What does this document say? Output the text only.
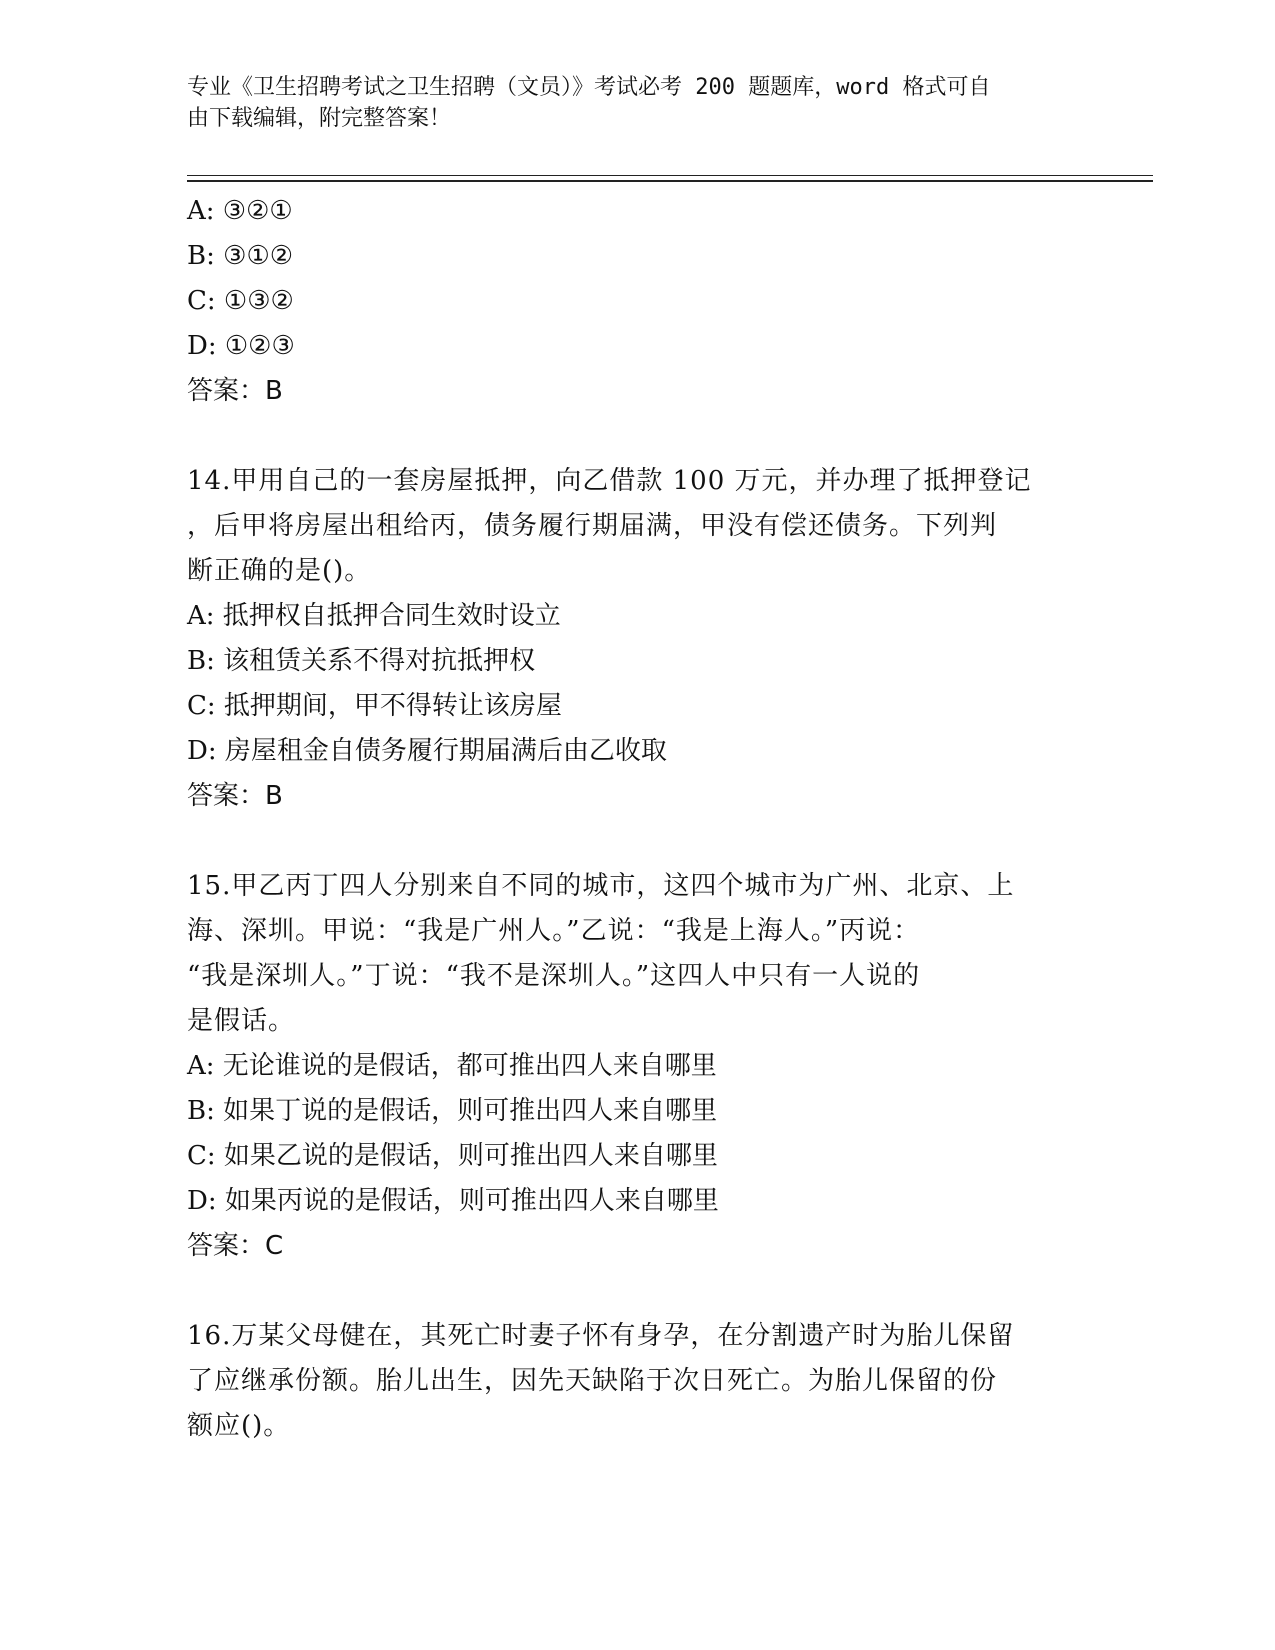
专业《卫生招聘考试之卫生招聘（文员）》考试必考 200 题题库，word 格式可自
由下载编辑，附完整答案！
A: ③②①
B: ③①②
C: ①③②
D: ①②③
答案：B
14.甲用自己的一套房屋抵押，向乙借款 100 万元，并办理了抵押登记
，后甲将房屋出租给丙，债务履行期届满，甲没有偿还债务。下列判
断正确的是()。
A: 抵押权自抵押合同生效时设立
B: 该租赁关系不得对抗抵押权
C: 抵押期间，甲不得转让该房屋
D: 房屋租金自债务履行期届满后由乙收取
答案：B
15.甲乙丙丁四人分别来自不同的城市，这四个城市为广州、北京、上
海、深圳。甲说：“我是广州人。”乙说：“我是上海人。”丙说：
“我是深圳人。”丁说：“我不是深圳人。”这四人中只有一人说的
是假话。
A: 无论谁说的是假话，都可推出四人来自哪里
B: 如果丁说的是假话，则可推出四人来自哪里
C: 如果乙说的是假话，则可推出四人来自哪里
D: 如果丙说的是假话，则可推出四人来自哪里
答案：C
16.万某父母健在，其死亡时妻子怀有身孕，在分割遗产时为胎儿保留
了应继承份额。胎儿出生，因先天缺陷于次日死亡。为胎儿保留的份
额应()。
